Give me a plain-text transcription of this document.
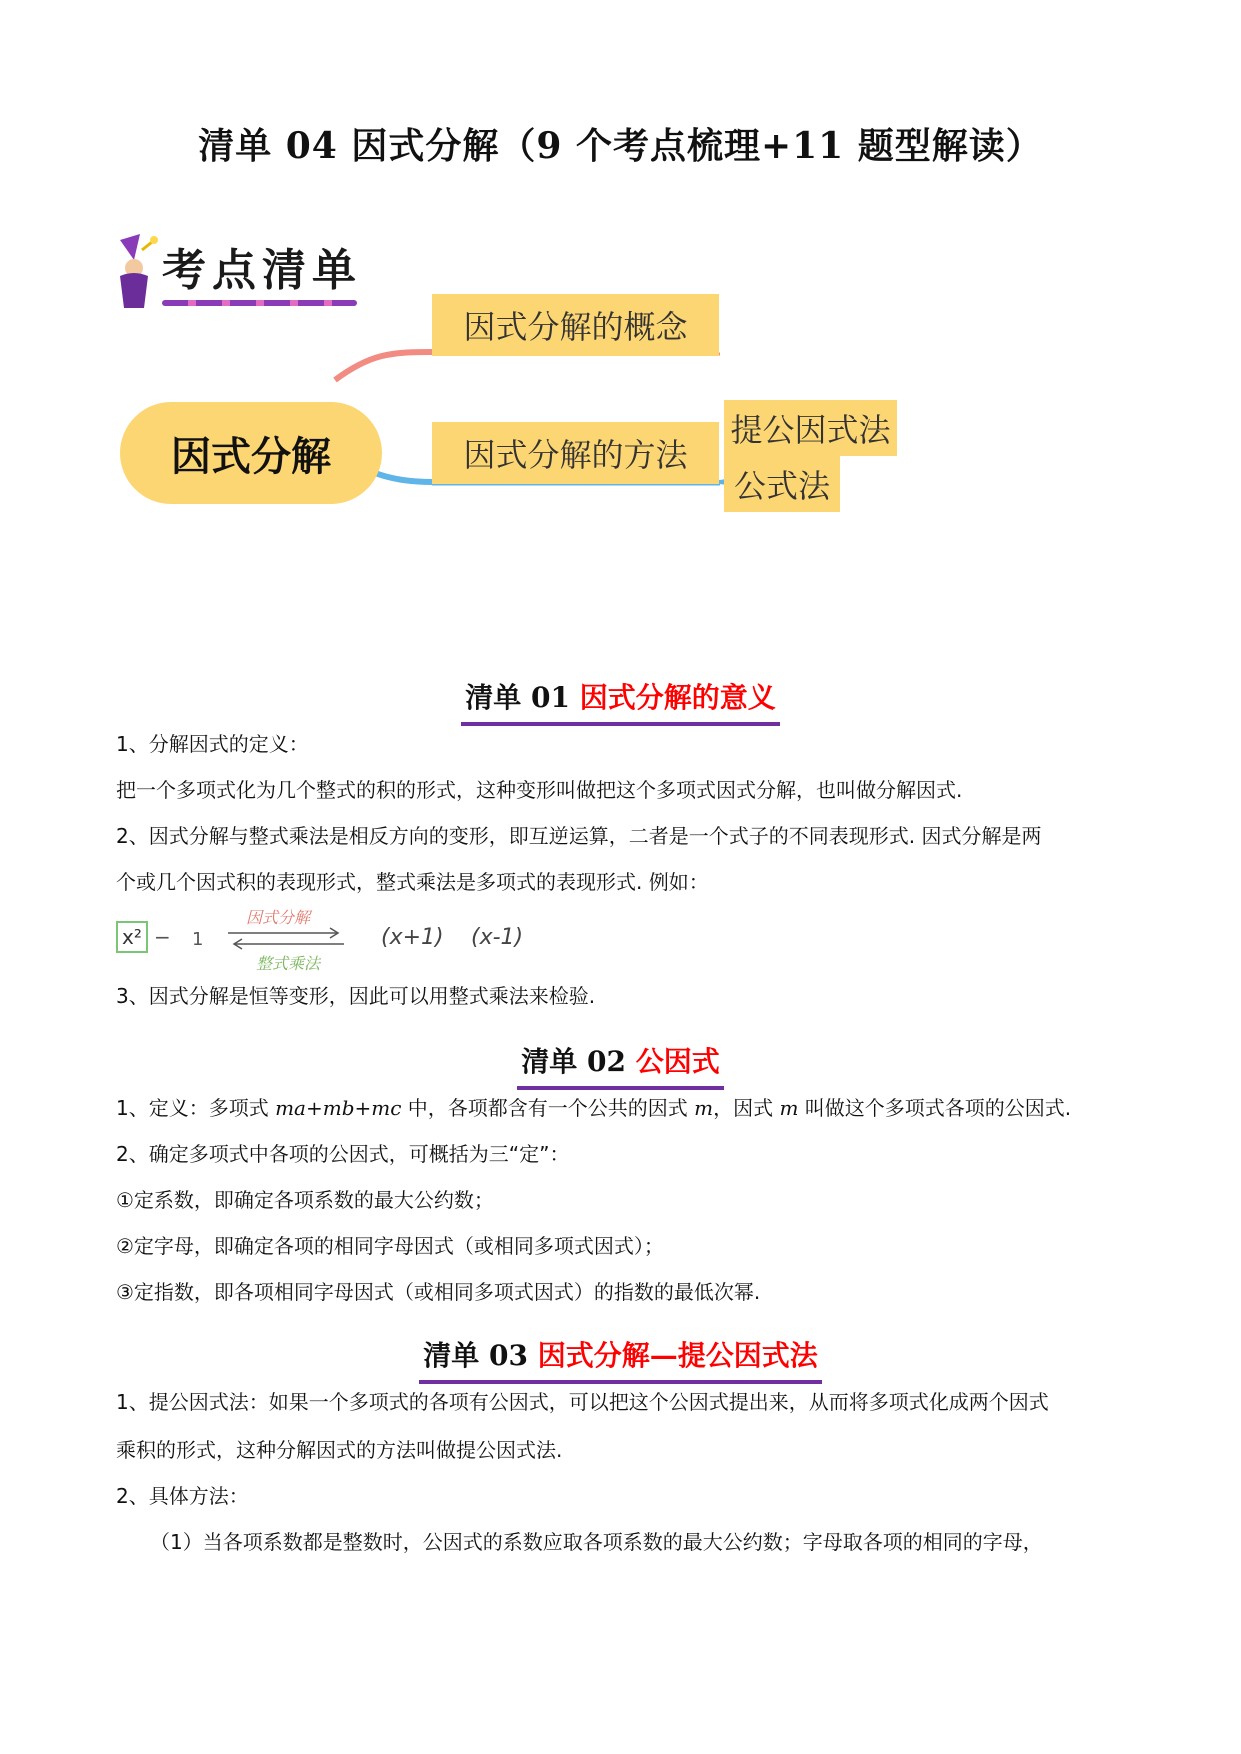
清单 04 因式分解（9 个考点梳理+11 题型解读）
考点清单
因式分解
因式分解的概念
因式分解的方法
提公因式法
公式法
清单 01 因式分解的意义
1、分解因式的定义：
把一个多项式化为几个整式的积的形式，这种变形叫做把这个多项式因式分解，也叫做分解因式.
2、因式分解与整式乘法是相反方向的变形，即互逆运算，二者是一个式子的不同表现形式. 因式分解是两
个或几个因式积的表现形式，整式乘法是多项式的表现形式. 例如：
x² − 1
因式分解
整式乘法
(x+1) (x-1)
3、因式分解是恒等变形，因此可以用整式乘法来检验.
清单 02 公因式
1、定义：多项式 ma+mb+mc 中，各项都含有一个公共的因式 m，因式 m 叫做这个多项式各项的公因式.
2、确定多项式中各项的公因式，可概括为三“定”：
①定系数，即确定各项系数的最大公约数；
②定字母，即确定各项的相同字母因式（或相同多项式因式）；
③定指数，即各项相同字母因式（或相同多项式因式）的指数的最低次幂.
清单 03 因式分解—提公因式法
1、提公因式法：如果一个多项式的各项有公因式，可以把这个公因式提出来，从而将多项式化成两个因式
乘积的形式，这种分解因式的方法叫做提公因式法.
2、具体方法：
（1）当各项系数都是整数时，公因式的系数应取各项系数的最大公约数；字母取各项的相同的字母，
